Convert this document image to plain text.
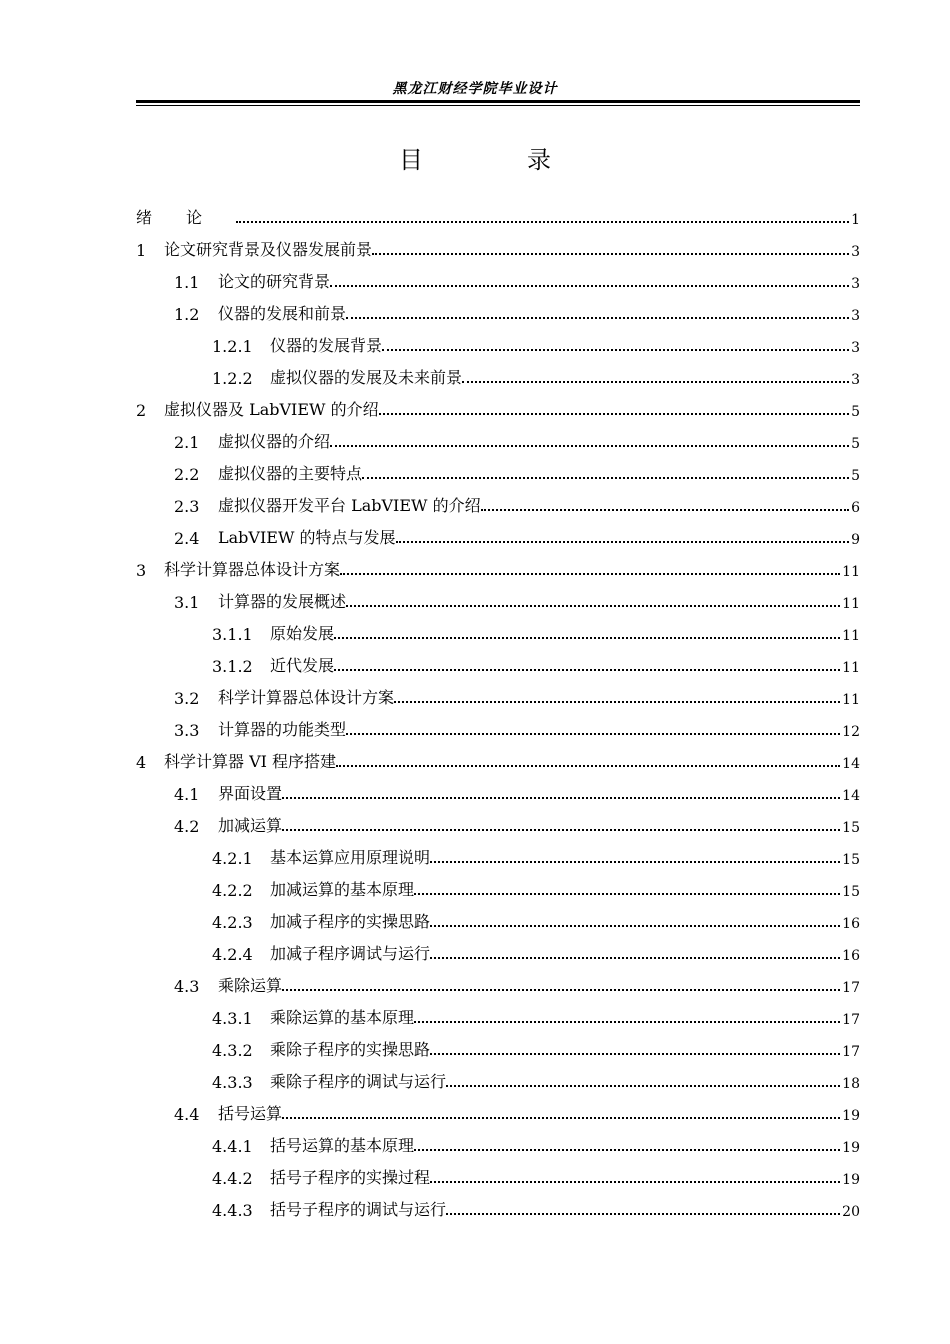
黑龙江财经学院毕业设计
目　录
绪论	1
1	论文研究背景及仪器发展前景	3
1.1	论文的研究背景	3
1.2	仪器的发展和前景	3
1.2.1	仪器的发展背景	3
1.2.2	虚拟仪器的发展及未来前景	3
2	虚拟仪器及 LabVIEW 的介绍	5
2.1	虚拟仪器的介绍	5
2.2	虚拟仪器的主要特点	5
2.3	虚拟仪器开发平台 LabVIEW 的介绍	6
2.4	LabVIEW 的特点与发展	9
3	科学计算器总体设计方案	11
3.1	计算器的发展概述	11
3.1.1	原始发展	11
3.1.2	近代发展	11
3.2	科学计算器总体设计方案	11
3.3	计算器的功能类型	12
4	科学计算器 VI 程序搭建	14
4.1	界面设置	14
4.2	加减运算	15
4.2.1	基本运算应用原理说明	15
4.2.2	加减运算的基本原理	15
4.2.3	加减子程序的实操思路	16
4.2.4	加减子程序调试与运行	16
4.3	乘除运算	17
4.3.1	乘除运算的基本原理	17
4.3.2	乘除子程序的实操思路	17
4.3.3	乘除子程序的调试与运行	18
4.4	括号运算	19
4.4.1	括号运算的基本原理	19
4.4.2	括号子程序的实操过程	19
4.4.3	括号子程序的调试与运行	20
